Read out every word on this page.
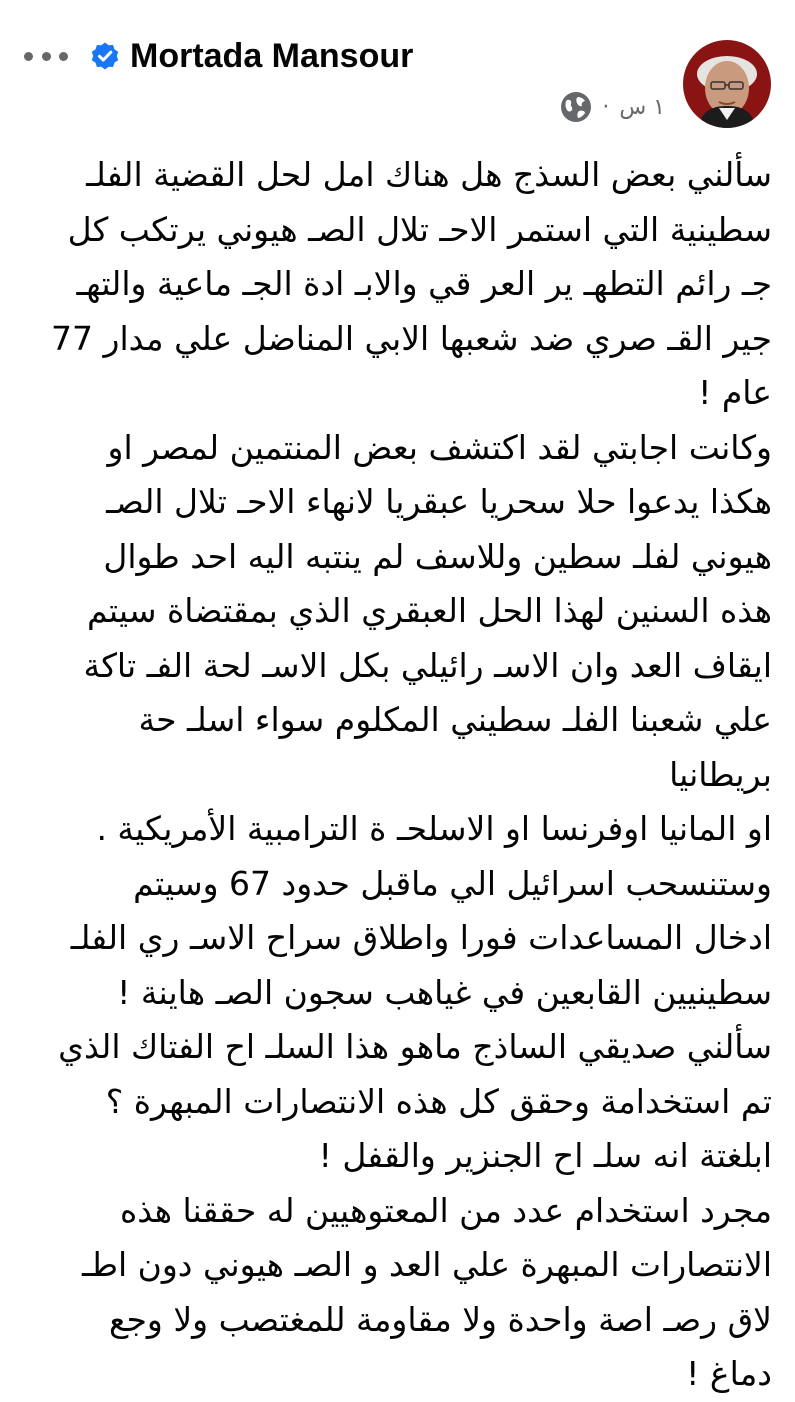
Mortada Mansour
· ١ س

سألني بعض السذج هل هناك امل لحل القضية الفلـ

سطينية التي استمر الاحـ تلال الصـ هيوني يرتكب كل

جـ رائم التطهـ ير العر قي والابـ ادة الجـ ماعية والتهـ

جير القـ صري ضد شعبها الابي المناضل علي مدار 77

عام !

وكانت اجابتي لقد اكتشف بعض المنتمين لمصر او

هكذا يدعوا حلا سحريا عبقريا لانهاء الاحـ تلال الصـ

هيوني لفلـ سطين وللاسف لم ينتبه اليه احد طوال

هذه السنين لهذا الحل العبقري الذي بمقتضاة سيتم

ايقاف العد وان الاسـ رائيلي بكل الاسـ لحة الفـ تاكة

علي شعبنا الفلـ سطيني المكلوم سواء اسلـ حة بريطانيا

او المانيا اوفرنسا او الاسلحـ ة الترامبية الأمريكية .

وستنسحب اسرائيل الي ماقبل حدود 67 وسيتم

ادخال المساعدات فورا واطلاق سراح الاسـ ري الفلـ

سطينيين القابعين في غياهب سجون الصـ هاينة !

سألني صديقي الساذج ماهو هذا السلـ اح الفتاك الذي

تم استخدامة وحقق كل هذه الانتصارات المبهرة ؟

ابلغتة انه سلـ اح الجنزير والقفل !

مجرد استخدام عدد من المعتوهيين له حققنا هذه

الانتصارات المبهرة علي العد و الصـ هيوني دون اطـ

لاق رصـ اصة واحدة ولا مقاومة للمغتصب ولا وجع

دماغ !
